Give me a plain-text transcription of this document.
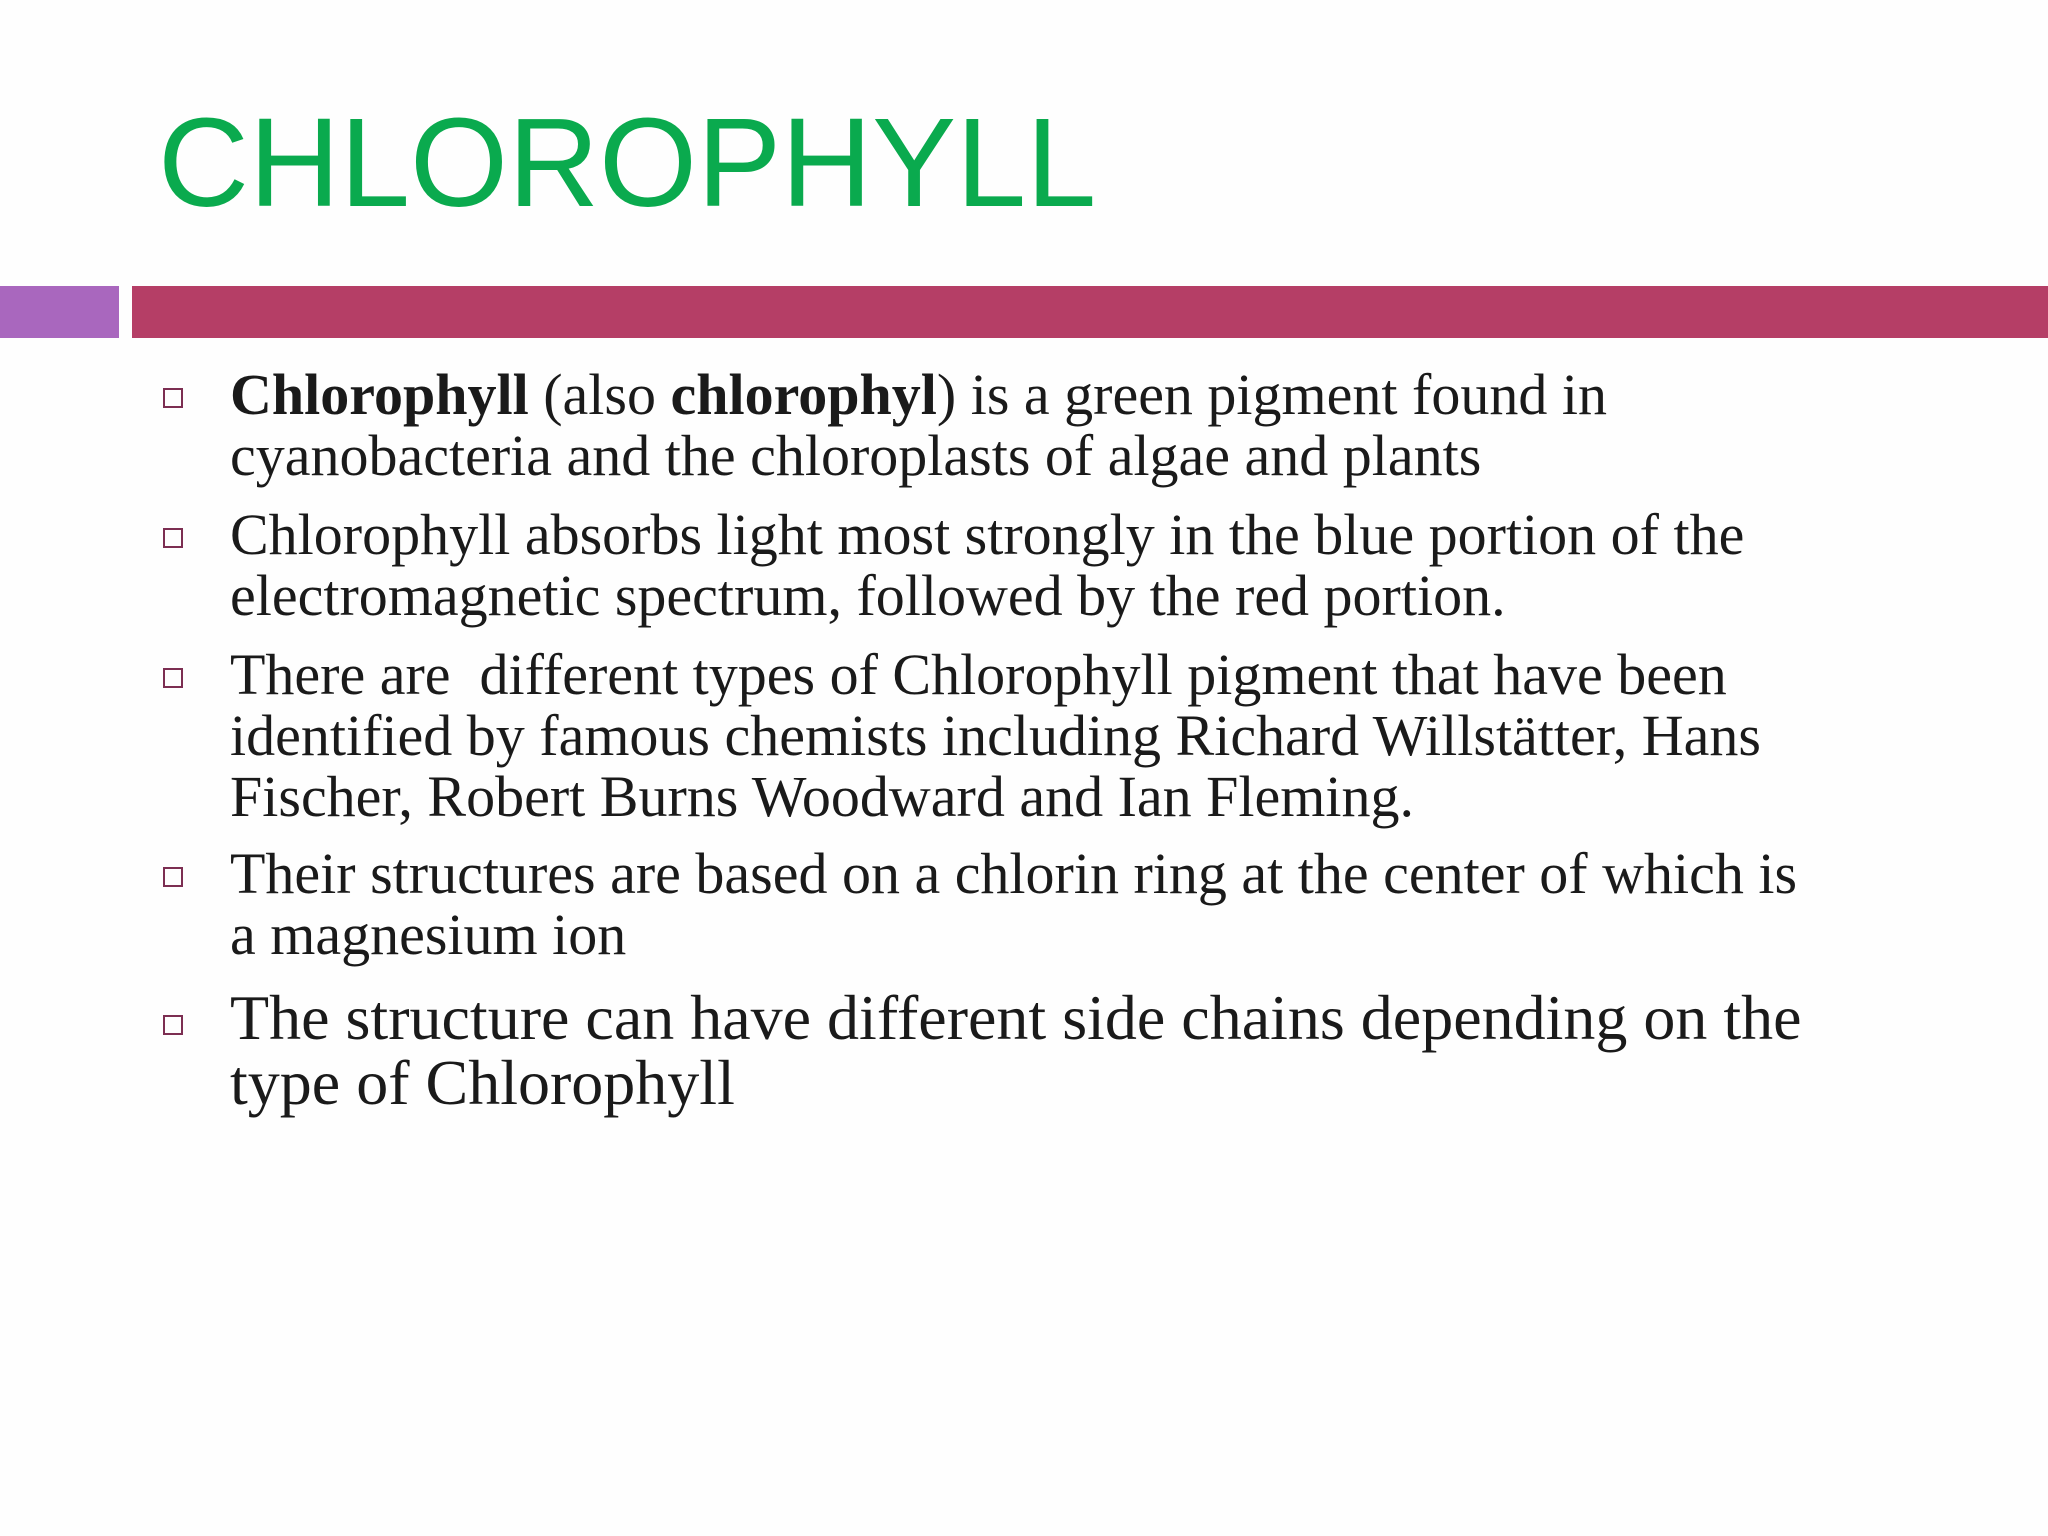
CHLOROPHYLL

Chlorophyll (also chlorophyl) is a green pigment found in
cyanobacteria and the chloroplasts of algae and plants

Chlorophyll absorbs light most strongly in the blue portion of the
electromagnetic spectrum, followed by the red portion.

There are  different types of Chlorophyll pigment that have been
identified by famous chemists including Richard Willstätter, Hans
Fischer, Robert Burns Woodward and Ian Fleming.

Their structures are based on a chlorin ring at the center of which is
a magnesium ion

The structure can have different side chains depending on the
type of Chlorophyll
